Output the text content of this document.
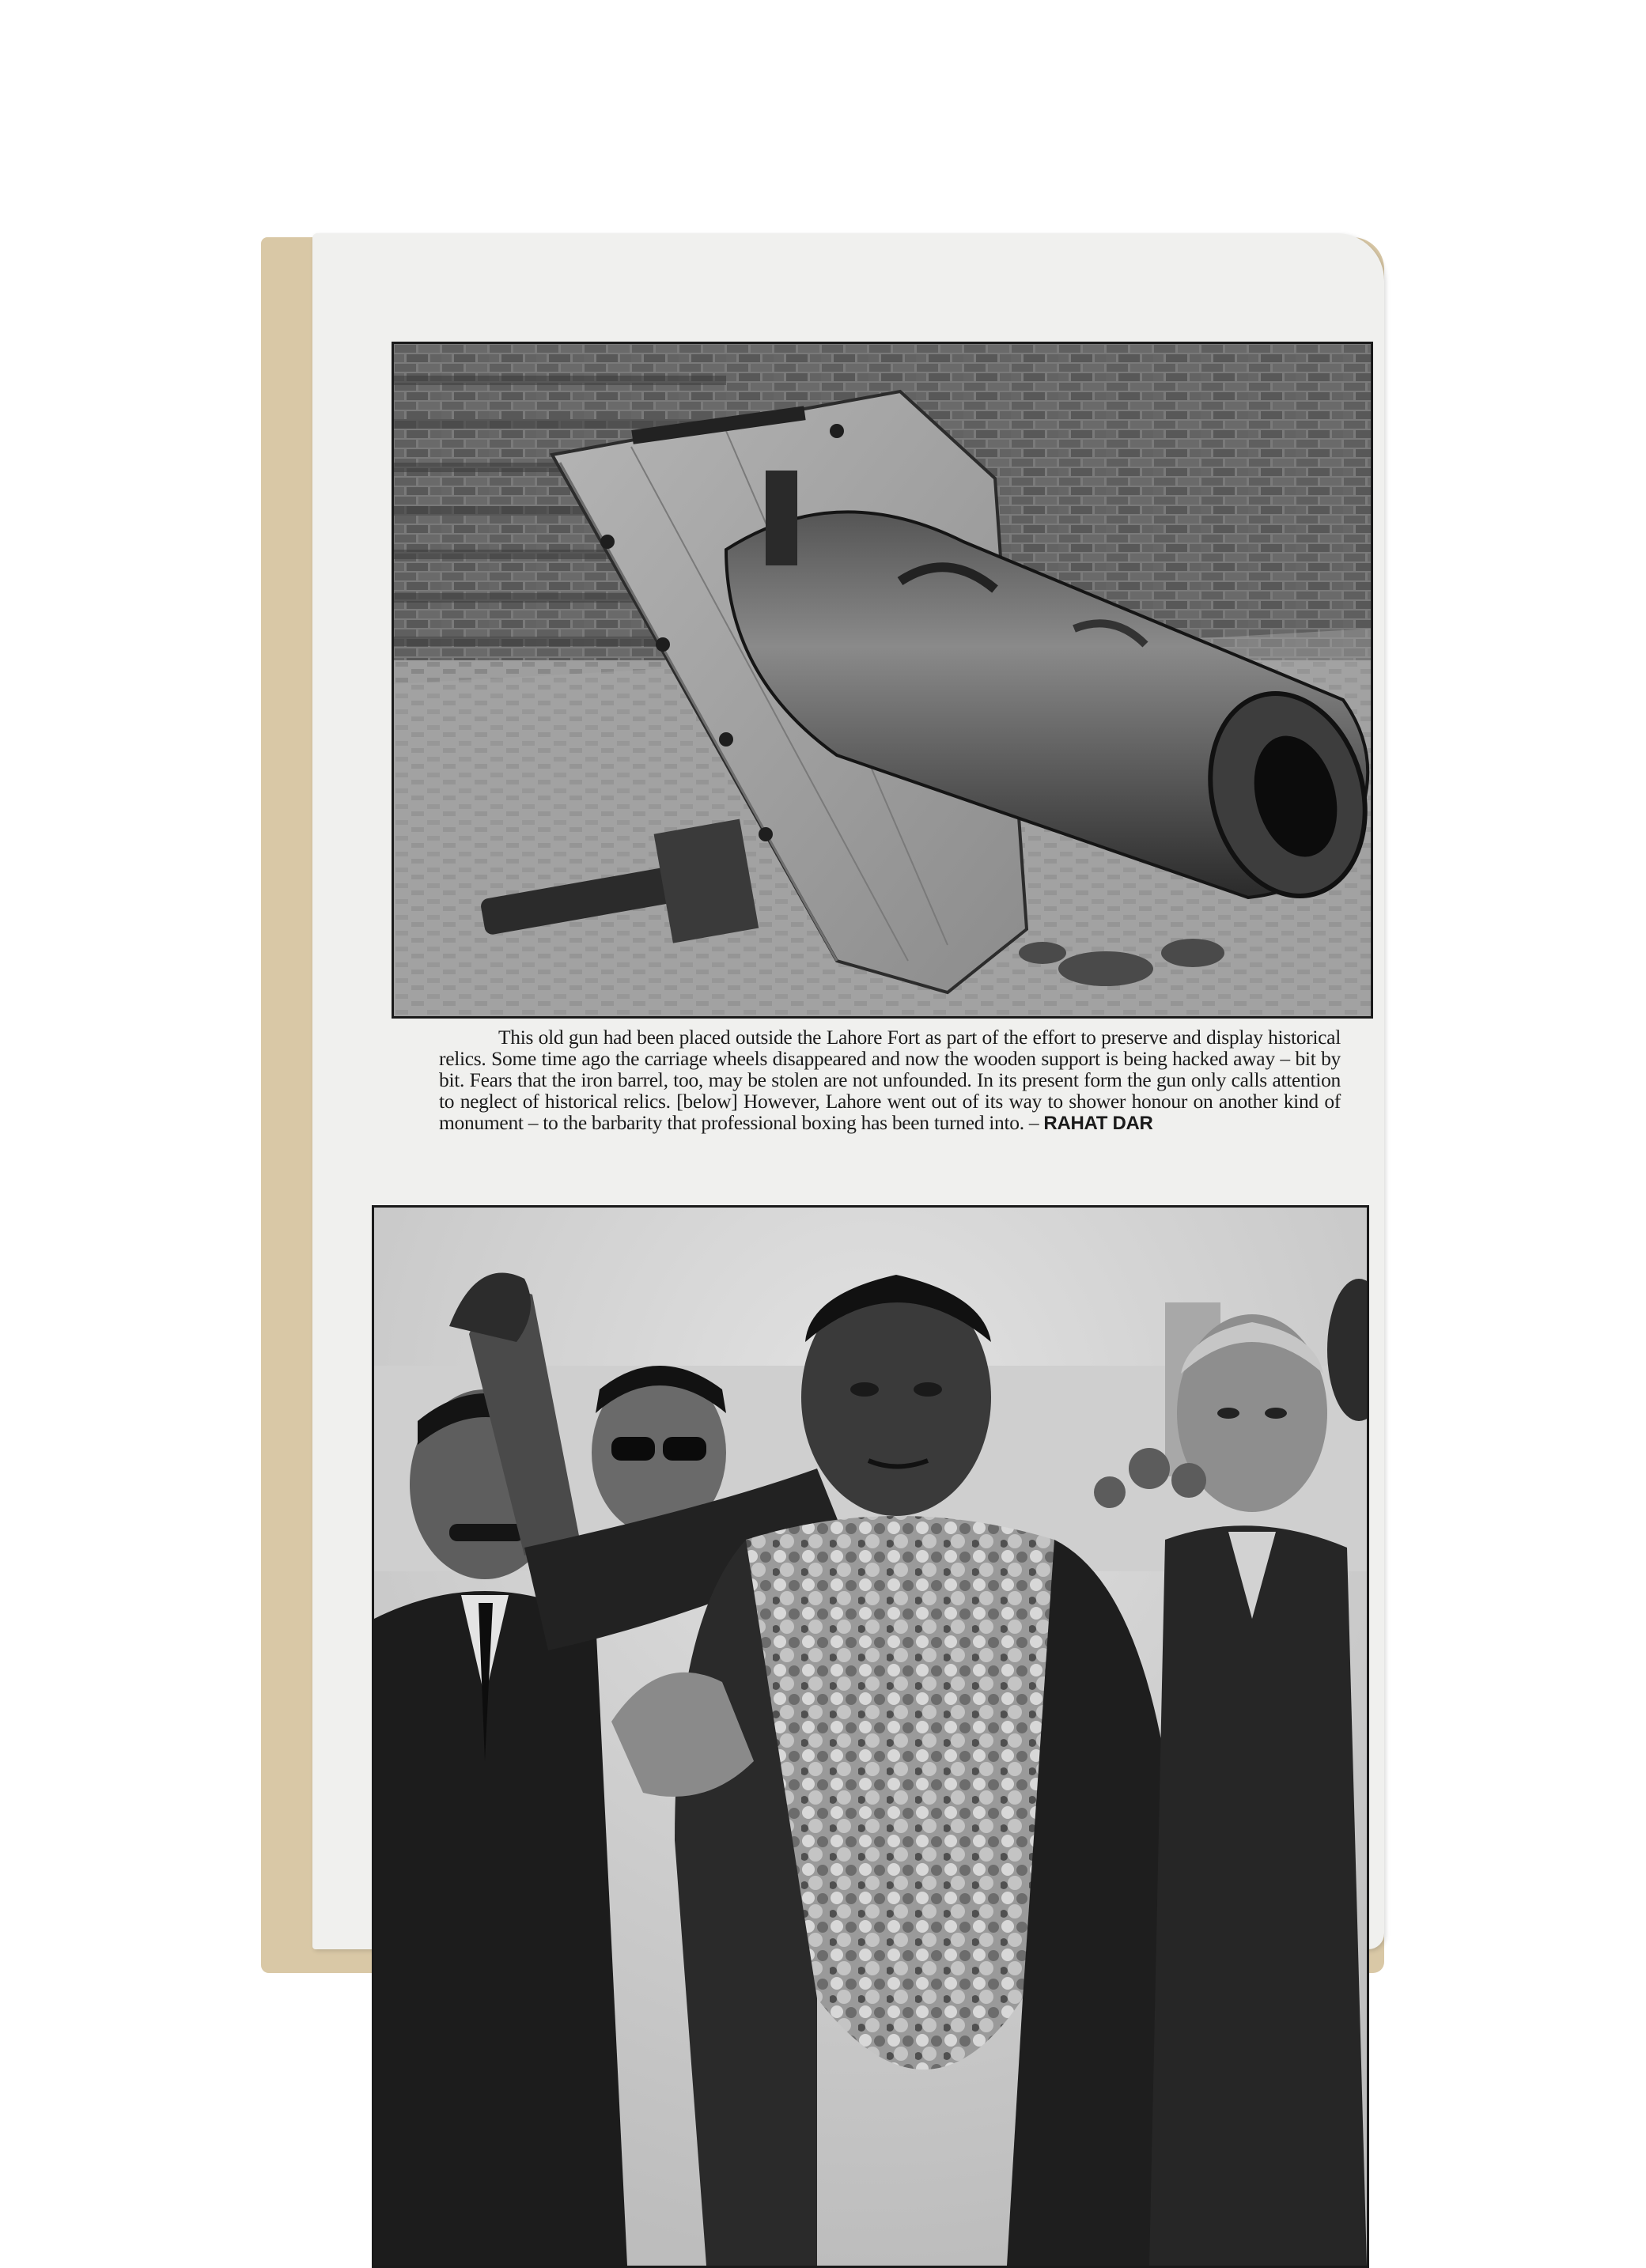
This old gun had been placed outside the Lahore Fort as part of the effort to preserve and display historical relics. Some time ago the carriage wheels disappeared and now the wooden support is being hacked away – bit by bit. Fears that the iron barrel, too, may be stolen are not unfounded. In its present form the gun only calls attention to neglect of historical relics. [below] However, Lahore went out of its way to shower honour on another kind of monument – to the barbarity that professional boxing has been turned into. – RAHAT DAR
